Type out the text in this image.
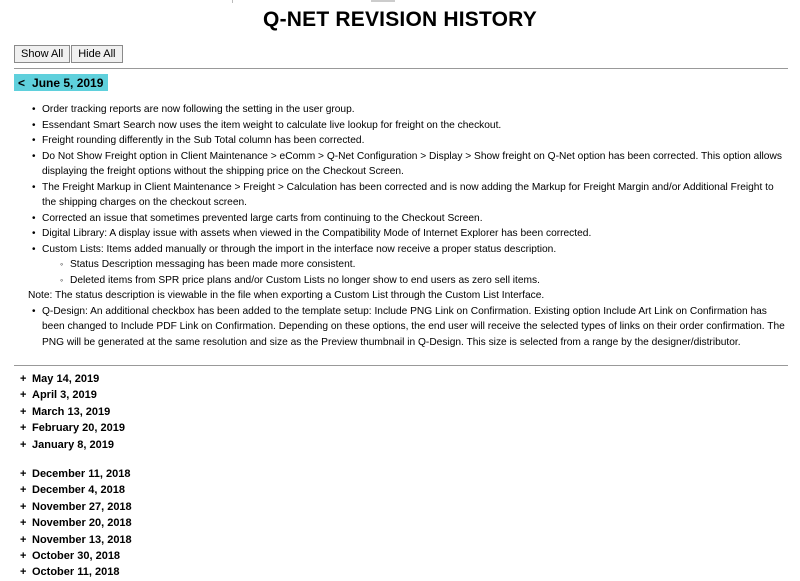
Q-NET REVISION HISTORY
Show All	Hide All
< June 5, 2019
• Order tracking reports are now following the setting in the user group.
• Essendant Smart Search now uses the item weight to calculate live lookup for freight on the checkout.
• Freight rounding differently in the Sub Total column has been corrected.
• Do Not Show Freight option in Client Maintenance > eComm > Q-Net Configuration > Display > Show freight on Q-Net option has been corrected. This option allows displaying the freight options without the shipping price on the Checkout Screen.
• The Freight Markup in Client Maintenance > Freight > Calculation has been corrected and is now adding the Markup for Freight Margin and/or Additional Freight to the shipping charges on the checkout screen.
• Corrected an issue that sometimes prevented large carts from continuing to the Checkout Screen.
• Digital Library: A display issue with assets when viewed in the Compatibility Mode of Internet Explorer has been corrected.
• Custom Lists: Items added manually or through the import in the interface now receive a proper status description.
◦ Status Description messaging has been made more consistent.
◦ Deleted items from SPR price plans and/or Custom Lists no longer show to end users as zero sell items.
Note: The status description is viewable in the file when exporting a Custom List through the Custom List Interface.
• Q-Design: An additional checkbox has been added to the template setup: Include PNG Link on Confirmation. Existing option Include Art Link on Confirmation has been changed to Include PDF Link on Confirmation. Depending on these options, the end user will receive the selected types of links on their order confirmation. The PNG will be generated at the same resolution and size as the Preview thumbnail in Q-Design. This size is selected from a range by the designer/distributor.
+ May 14, 2019
+ April 3, 2019
+ March 13, 2019
+ February 20, 2019
+ January 8, 2019
+ December 11, 2018
+ December 4, 2018
+ November 27, 2018
+ November 20, 2018
+ November 13, 2018
+ October 30, 2018
+ October 11, 2018
